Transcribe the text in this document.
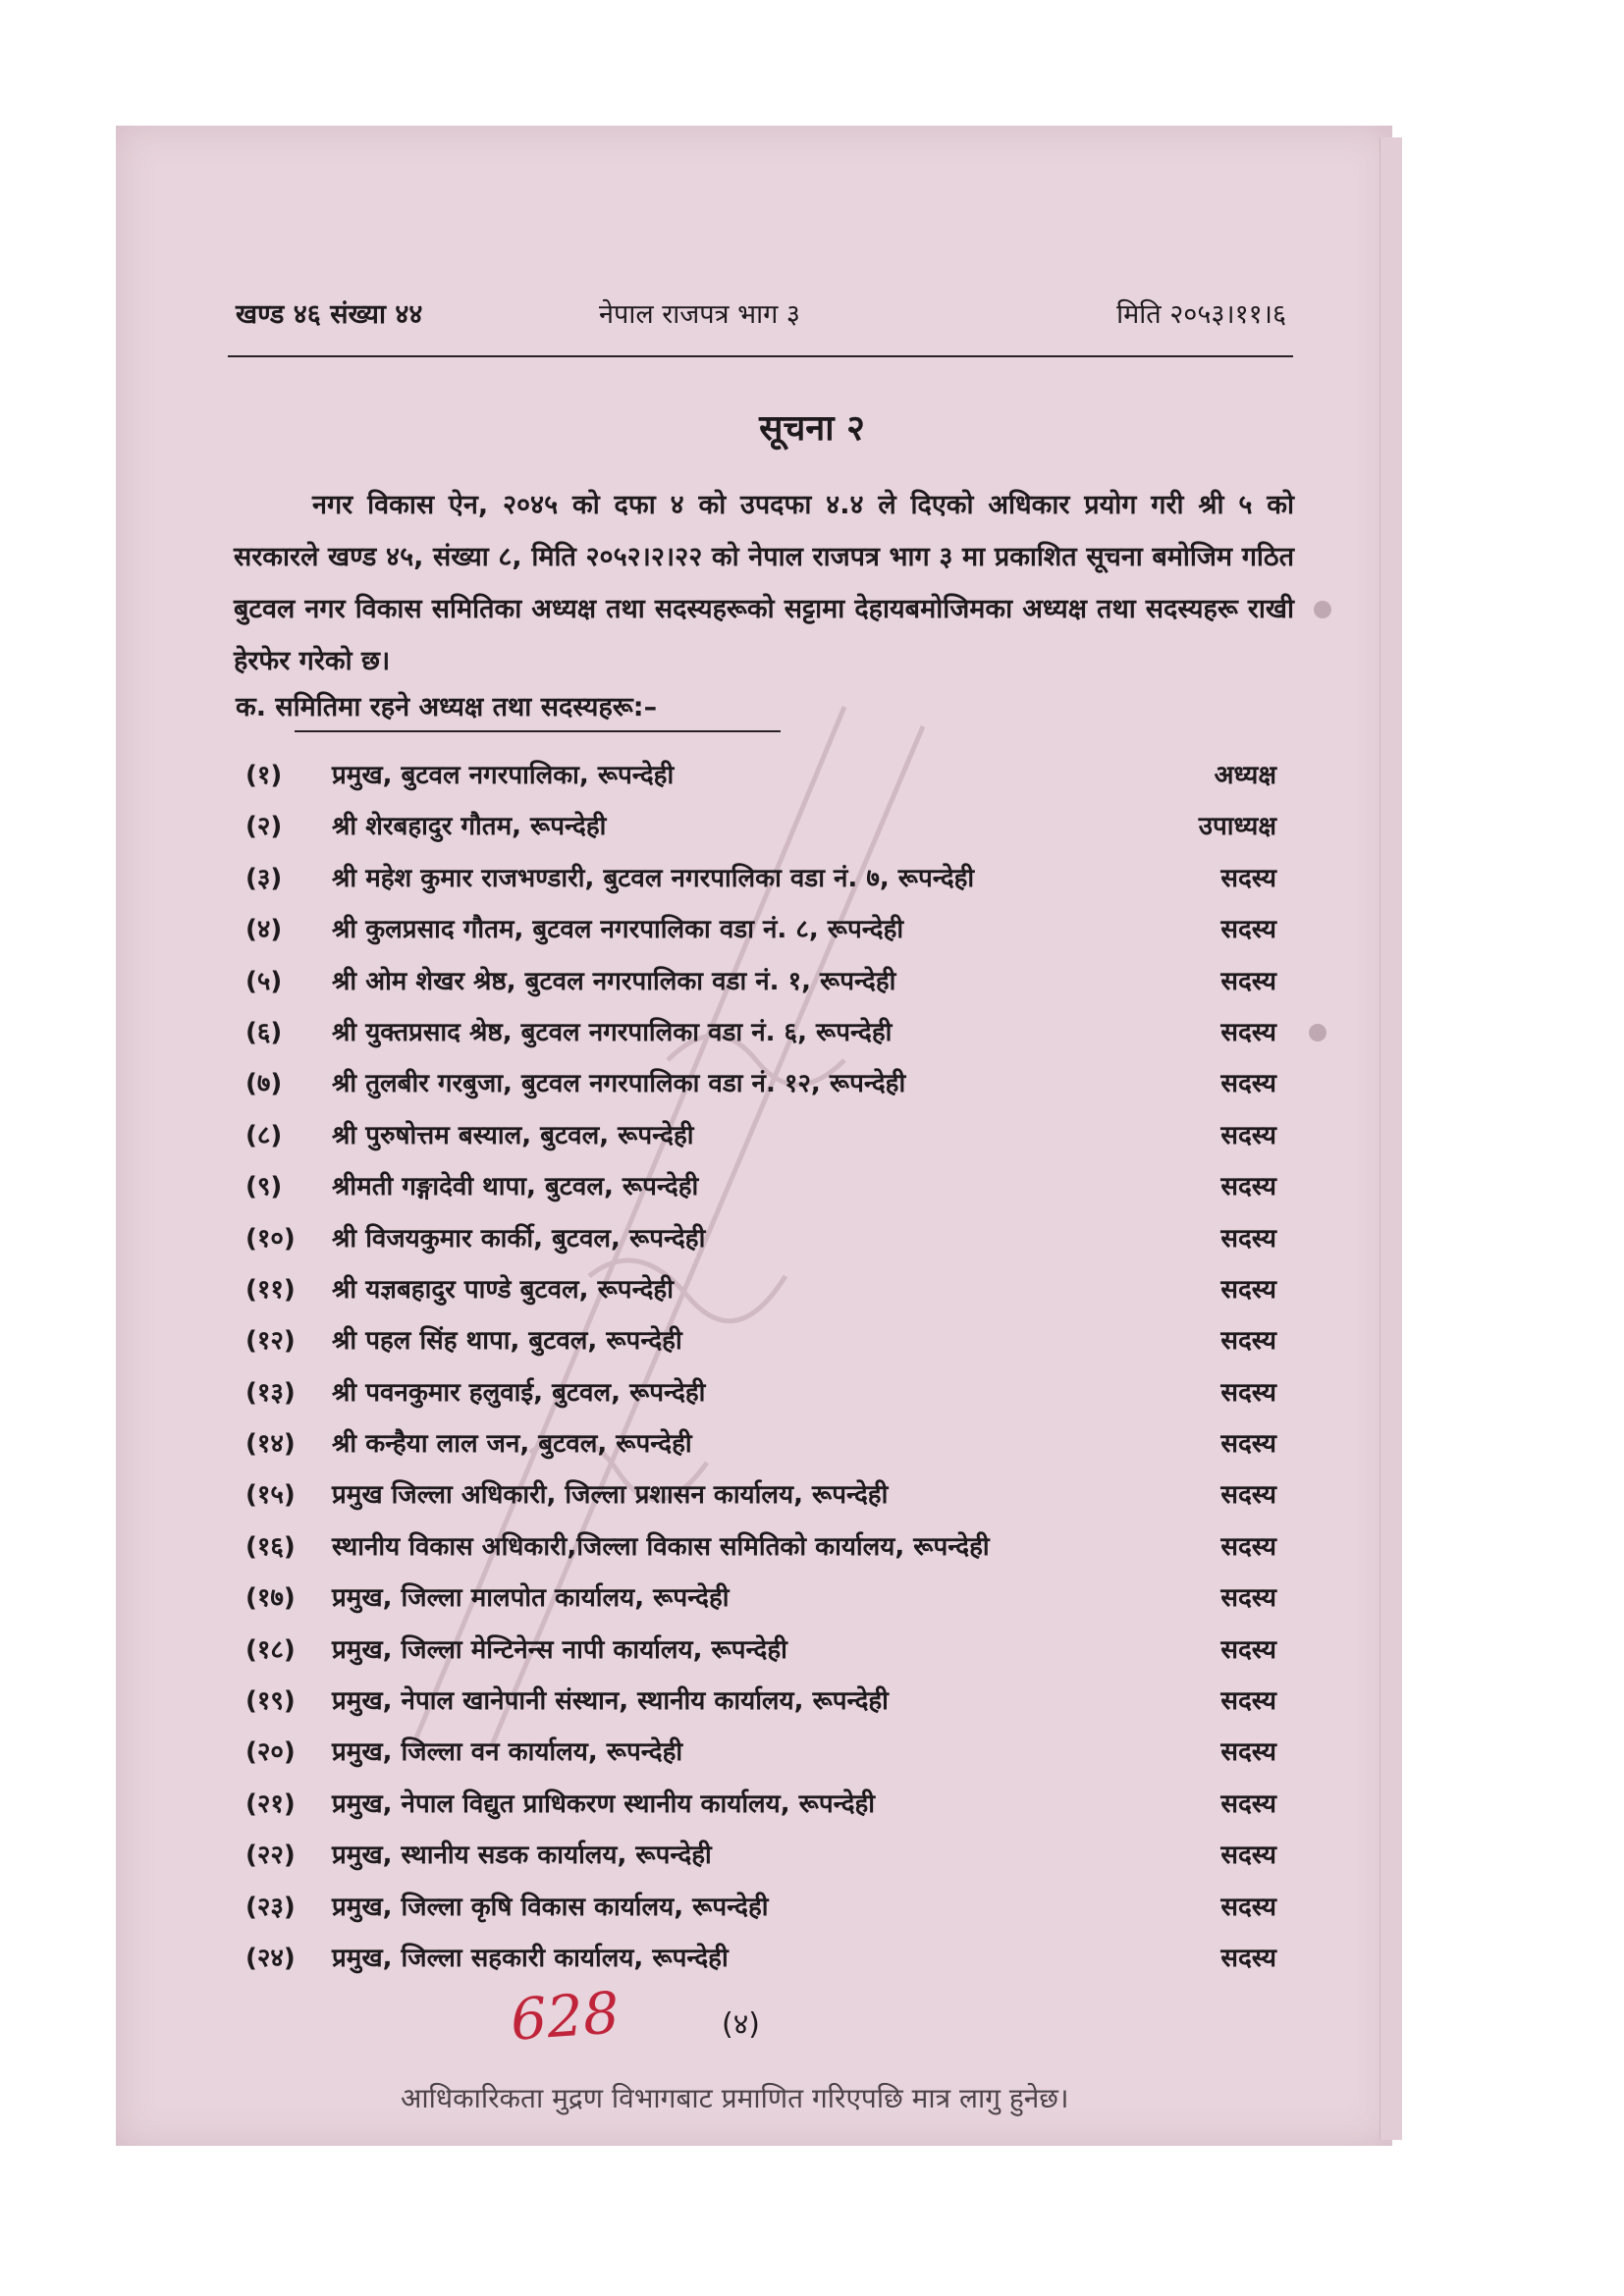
खण्ड ४६ संख्या ४४	नेपाल राजपत्र भाग ३	मिति २०५३।११।६
सूचना २
नगर विकास ऐन, २०४५ को दफा ४ को उपदफा ४.४ ले दिएको अधिकार प्रयोग गरी श्री ५ को सरकारले खण्ड ४५, संख्या ८, मिति २०५२।२।२२ को नेपाल राजपत्र भाग ३ मा प्रकाशित सूचना बमोजिम गठित बुटवल नगर विकास समितिका अध्यक्ष तथा सदस्यहरूको सट्टामा देहायबमोजिमका अध्यक्ष तथा सदस्यहरू राखी हेरफेर गरेको छ।
क. समितिमा रहने अध्यक्ष तथा सदस्यहरू:–
(१)	प्रमुख, बुटवल नगरपालिका, रूपन्देही	अध्यक्ष
(२)	श्री शेरबहादुर गौतम, रूपन्देही	उपाध्यक्ष
(३)	श्री महेश कुमार राजभण्डारी, बुटवल नगरपालिका वडा नं. ७, रूपन्देही	सदस्य
(४)	श्री कुलप्रसाद गौतम, बुटवल नगरपालिका वडा नं. ८, रूपन्देही	सदस्य
(५)	श्री ओम शेखर श्रेष्ठ, बुटवल नगरपालिका वडा नं. १, रूपन्देही	सदस्य
(६)	श्री युक्तप्रसाद श्रेष्ठ, बुटवल नगरपालिका वडा नं. ६, रूपन्देही	सदस्य
(७)	श्री तुलबीर गरबुजा, बुटवल नगरपालिका वडा नं. १२, रूपन्देही	सदस्य
(८)	श्री पुरुषोत्तम बस्याल, बुटवल, रूपन्देही	सदस्य
(९)	श्रीमती गङ्गादेवी थापा, बुटवल, रूपन्देही	सदस्य
(१०)	श्री विजयकुमार कार्की, बुटवल, रूपन्देही	सदस्य
(११)	श्री यज्ञबहादुर पाण्डे बुटवल, रूपन्देही	सदस्य
(१२)	श्री पहल सिंह थापा, बुटवल, रूपन्देही	सदस्य
(१३)	श्री पवनकुमार हलुवाई, बुटवल, रूपन्देही	सदस्य
(१४)	श्री कन्हैया लाल जन, बुटवल, रूपन्देही	सदस्य
(१५)	प्रमुख जिल्ला अधिकारी, जिल्ला प्रशासन कार्यालय, रूपन्देही	सदस्य
(१६)	स्थानीय विकास अधिकारी,जिल्ला विकास समितिको कार्यालय, रूपन्देही	सदस्य
(१७)	प्रमुख, जिल्ला मालपोत कार्यालय, रूपन्देही	सदस्य
(१८)	प्रमुख, जिल्ला मेन्टिनेन्स नापी कार्यालय, रूपन्देही	सदस्य
(१९)	प्रमुख, नेपाल खानेपानी संस्थान, स्थानीय कार्यालय, रूपन्देही	सदस्य
(२०)	प्रमुख, जिल्ला वन कार्यालय, रूपन्देही	सदस्य
(२१)	प्रमुख, नेपाल विद्युत प्राधिकरण स्थानीय कार्यालय, रूपन्देही	सदस्य
(२२)	प्रमुख, स्थानीय सडक कार्यालय, रूपन्देही	सदस्य
(२३)	प्रमुख, जिल्ला कृषि विकास कार्यालय, रूपन्देही	सदस्य
(२४)	प्रमुख, जिल्ला सहकारी कार्यालय, रूपन्देही	सदस्य
628	(४)
आधिकारिकता मुद्रण विभागबाट प्रमाणित गरिएपछि मात्र लागु हुनेछ।
